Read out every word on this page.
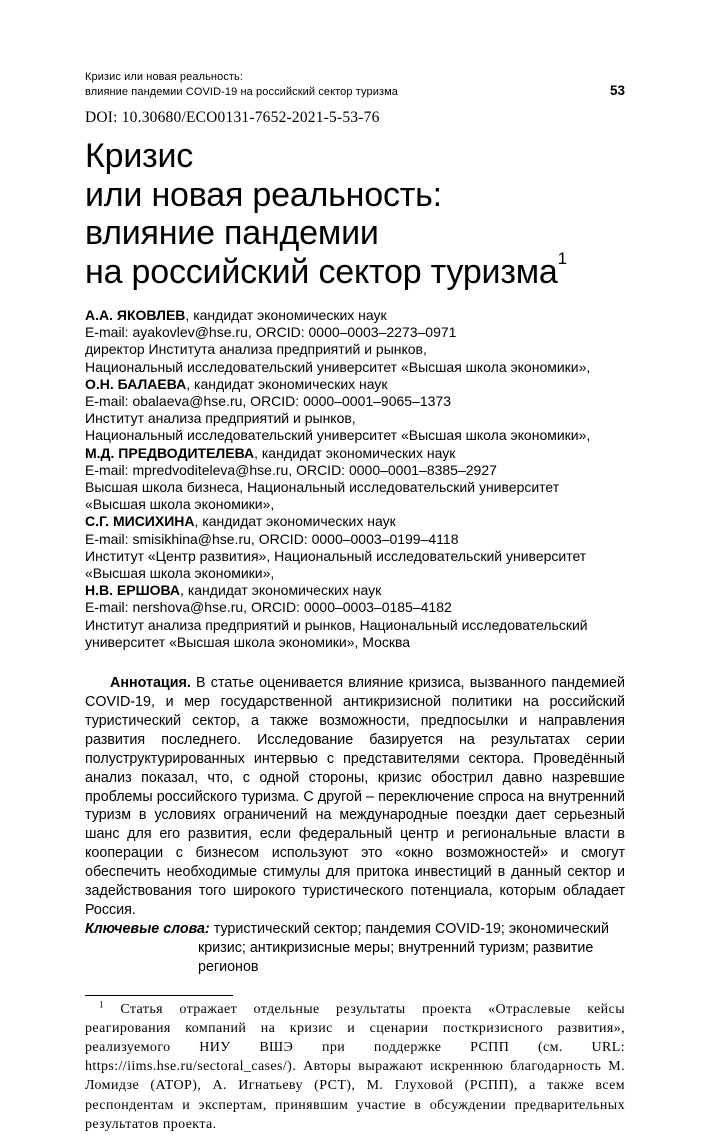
Кризис или новая реальность:
влияние пандемии COVID-19 на российский сектор туризма	53
DOI: 10.30680/ECO0131-7652-2021-5-53-76
Кризис
или новая реальность:
влияние пандемии
на российский сектор туризма$^1$
А.А. ЯКОВЛЕВ, кандидат экономических наук
E-mail: ayakovlev@hse.ru, ORCID: 0000–0003–2273–0971
директор Института анализа предприятий и рынков,
Национальный исследовательский университет «Высшая школа экономики»,
О.Н. БАЛАЕВА, кандидат экономических наук
E-mail: obalaeva@hse.ru, ORCID: 0000–0001–9065–1373
Институт анализа предприятий и рынков,
Национальный исследовательский университет «Высшая школа экономики»,
М.Д. ПРЕДВОДИТЕЛЕВА, кандидат экономических наук
E-mail: mpredvoditeleva@hse.ru, ORCID: 0000–0001–8385–2927
Высшая школа бизнеса, Национальный исследовательский университет
«Высшая школа экономики»,
С.Г. МИСИХИНА, кандидат экономических наук
E-mail: smisikhina@hse.ru, ORCID: 0000–0003–0199–4118
Институт «Центр развития», Национальный исследовательский университет
«Высшая школа экономики»,
Н.В. ЕРШОВА, кандидат экономических наук
E-mail: nershova@hse.ru, ORCID: 0000–0003–0185–4182
Институт анализа предприятий и рынков, Национальный исследовательский
университет «Высшая школа экономики», Москва

Аннотация. В статье оценивается влияние кризиса, вызванного пандемией COVID-19, и мер государственной антикризисной политики на российский туристический сектор, а также возможности, предпосылки и направления развития последнего. Исследование базируется на результатах серии полуструктурированных интервью с представителями сектора. Проведённый анализ показал, что, с одной стороны, кризис обострил давно назревшие проблемы российского туризма. С другой – переключение спроса на внутренний туризм в условиях ограничений на международные поездки дает серьезный шанс для его развития, если федеральный центр и региональные власти в кооперации с бизнесом используют это «окно возможностей» и смогут обеспечить необходимые стимулы для притока инвестиций в данный сектор и задействования того широкого туристического потенциала, которым обладает Россия.

Ключевые слова: туристический сектор; пандемия COVID-19; экономический кризис; антикризисные меры; внутренний туризм; развитие регионов

$^1$ Статья отражает отдельные результаты проекта «Отраслевые кейсы реагирования компаний на кризис и сценарии посткризисного развития», реализуемого НИУ ВШЭ при поддержке РСПП (см. URL: https://iims.hse.ru/sectoral_cases/). Авторы выражают искреннюю благодарность М. Ломидзе (АТОР), А. Игнатьеву (РСТ), М. Глуховой (РСПП), а также всем респондентам и экспертам, принявшим участие в обсуждении предварительных результатов проекта.
